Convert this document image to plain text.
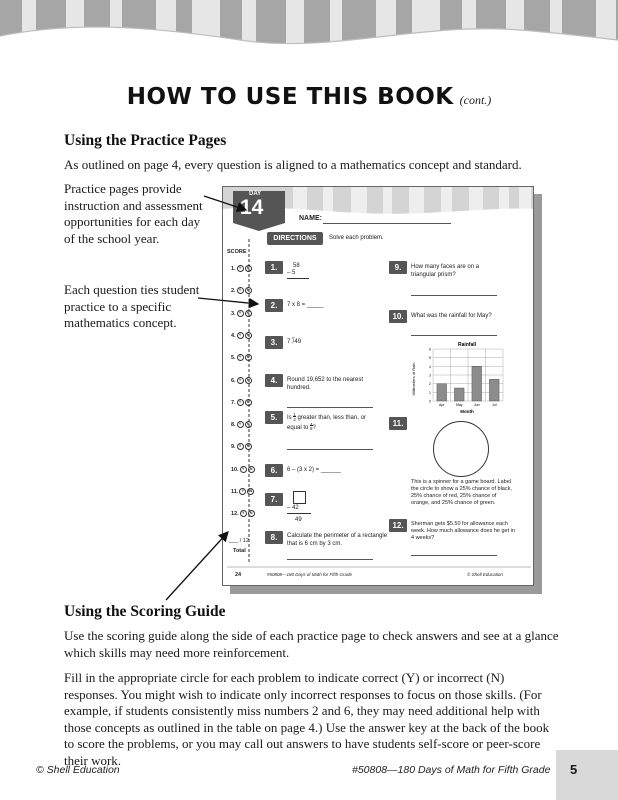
HOW TO USE THIS BOOK (cont.)
Using the Practice Pages

As outlined on page 4, every question is aligned to a mathematics concept and standard.

Practice pages provide instruction and assessment opportunities for each day of the school year.

Each question ties student practice to a specific mathematics concept.

DAY
14	NAME:
DIRECTIONS	Solve each problem.
SCORE
1. Y N
2. Y N
3. Y N
4. Y N
5. Y N
6. Y N
7. Y N
8. Y N
9. Y N
10. Y N
11. Y N
12. Y N
___ / 12
Total
1.	58
– 5
2.	7 x 8 = _____
3.	7 ⟌49
4.	Round 19,652 to the nearest hundred.
5.	Is 1
2 greater than, less than, or
equal to 4
8?
6.	6 – (3 x 2) = ______
7.
– 42
49
8.	Calculate the perimeter of a rectangle that is 6 cm by 3 cm.
9.	How many faces are on a triangular prism?
10.	What was the rainfall for May?
Rainfall
Millimeters of Rain
0
1
2
3
4
5
6
Apr	May	Jun	Jul
Month
11.
This is a spinner for a game board. Label the circle to show a 25% chance of black, 25% chance of red, 25% chance of orange, and 25% chance of green.
12.	Sherman gets $5.50 for allowance each week. How much allowance does he get in 4 weeks?
24	#50808—180 Days of Math for Fifth Grade	© Shell Education
Using the Scoring Guide

Use the scoring guide along the side of each practice page to check answers and see at a glance which skills may need more reinforcement.

Fill in the appropriate circle for each problem to indicate correct (Y) or incorrect (N) responses. You might wish to indicate only incorrect responses to focus on those skills. (For example, if students consistently miss numbers 2 and 6, they may need additional help with those concepts as outlined in the table on page 4.) Use the answer key at the back of the book to score the problems, or you may call out answers to have students self-score or peer-score their work.

© Shell Education	#50808—180 Days of Math for Fifth Grade 5
